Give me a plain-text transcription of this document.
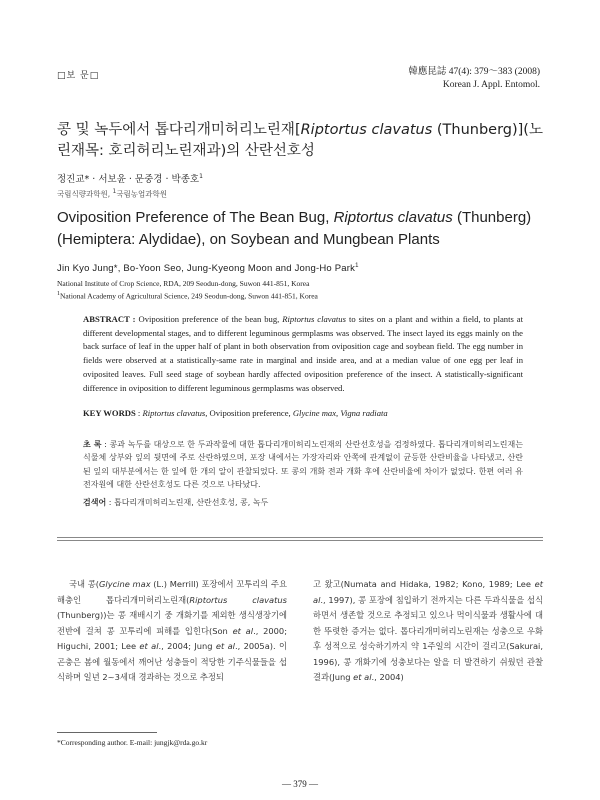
□보 문□	韓應昆誌 47(4): 379～383 (2008)
Korean J. Appl. Entomol.
콩 및 녹두에서 톱다리개미허리노린재[Riptortus clavatus (Thunberg)](노린재목: 호리허리노린재과)의 산란선호성
정진교* · 서보윤 · 문중경 · 박종호$^1$
국립식량과학원, $^1$국립농업과학원
Oviposition Preference of The Bean Bug, Riptortus clavatus (Thunberg) (Hemiptera: Alydidae), on Soybean and Mungbean Plants
Jin Kyo Jung*, Bo-Yoon Seo, Jung-Kyeong Moon and Jong-Ho Park$^1$
National Institute of Crop Science, RDA, 209 Seodun-dong, Suwon 441-851, Korea
$^1$National Academy of Agricultural Science, 249 Seodun-dong, Suwon 441-851, Korea
ABSTRACT : Oviposition preference of the bean bug, Riptortus clavatus to sites on a plant and within a field, to plants at different developmental stages, and to different leguminous germplasms was observed. The insect layed its eggs mainly on the back surface of leaf in the upper half of plant in both observation from oviposition cage and soybean field. The egg number in fields were observed at a statistically-same rate in marginal and inside area, and at a median value of one egg per leaf in oviposited leaves. Full seed stage of soybean hardly affected oviposition preference of the insect. A statistically-significant difference in oviposition to different leguminous germplasms was observed.
KEY WORDS : Riptortus clavatus, Oviposition preference, Glycine max, Vigna radiata
초 록 : 콩과 녹두를 대상으로 한 두과작물에 대한 톱다리개미허리노린재의 산란선호성을 검정하였다. 톱다리개미허리노린재는 식물체 상부와 잎의 뒷면에 주로 산란하였으며, 포장 내에서는 가장자리와 안쪽에 관계없이 균등한 산란비율을 나타냈고, 산란된 잎의 대부분에서는 한 잎에 한 개의 알이 관찰되었다. 또 콩의 개화 전과 개화 후에 산란비율에 차이가 없었다. 한편 여러 유전자원에 대한 산란선호성도 다른 것으로 나타났다.
검색어 : 톱다리개미허리노린재, 산란선호성, 콩, 녹두
국내 콩(Glycine max (L.) Merrill) 포장에서 꼬투리의 주요 해충인 톱다리개미허리노린재(Riptortus clavatus (Thunberg))는 콩 재배시기 중 개화기를 제외한 생식생장기에 전반에 걸쳐 콩 꼬투리에 피해를 입힌다(Son et al., 2000; Higuchi, 2001; Lee et al., 2004; Jung et al., 2005a). 이 곤충은 봄에 월동에서 깨어난 성충들이 적당한 기주식물들을 섭식하며 일년 2~3세대 경과하는 것으로 추정되
고 왔고(Numata and Hidaka, 1982; Kono, 1989; Lee et al., 1997), 콩 포장에 침입하기 전까지는 다른 두과식물을 섭식하면서 생존할 것으로 추정되고 있으나 먹이식물과 생활사에 대한 뚜렷한 증거는 없다. 톱다리개미허리노린재는 성충으로 우화 후 성적으로 성숙하기까지 약 1주일의 시간이 걸리고(Sakurai, 1996), 콩 개화기에 성충보다는 알을 더 발견하기 쉬웠던 관찰 결과(Jung et al., 2004)
*Corresponding author. E-mail: jungjk@rda.go.kr
— 379 —
